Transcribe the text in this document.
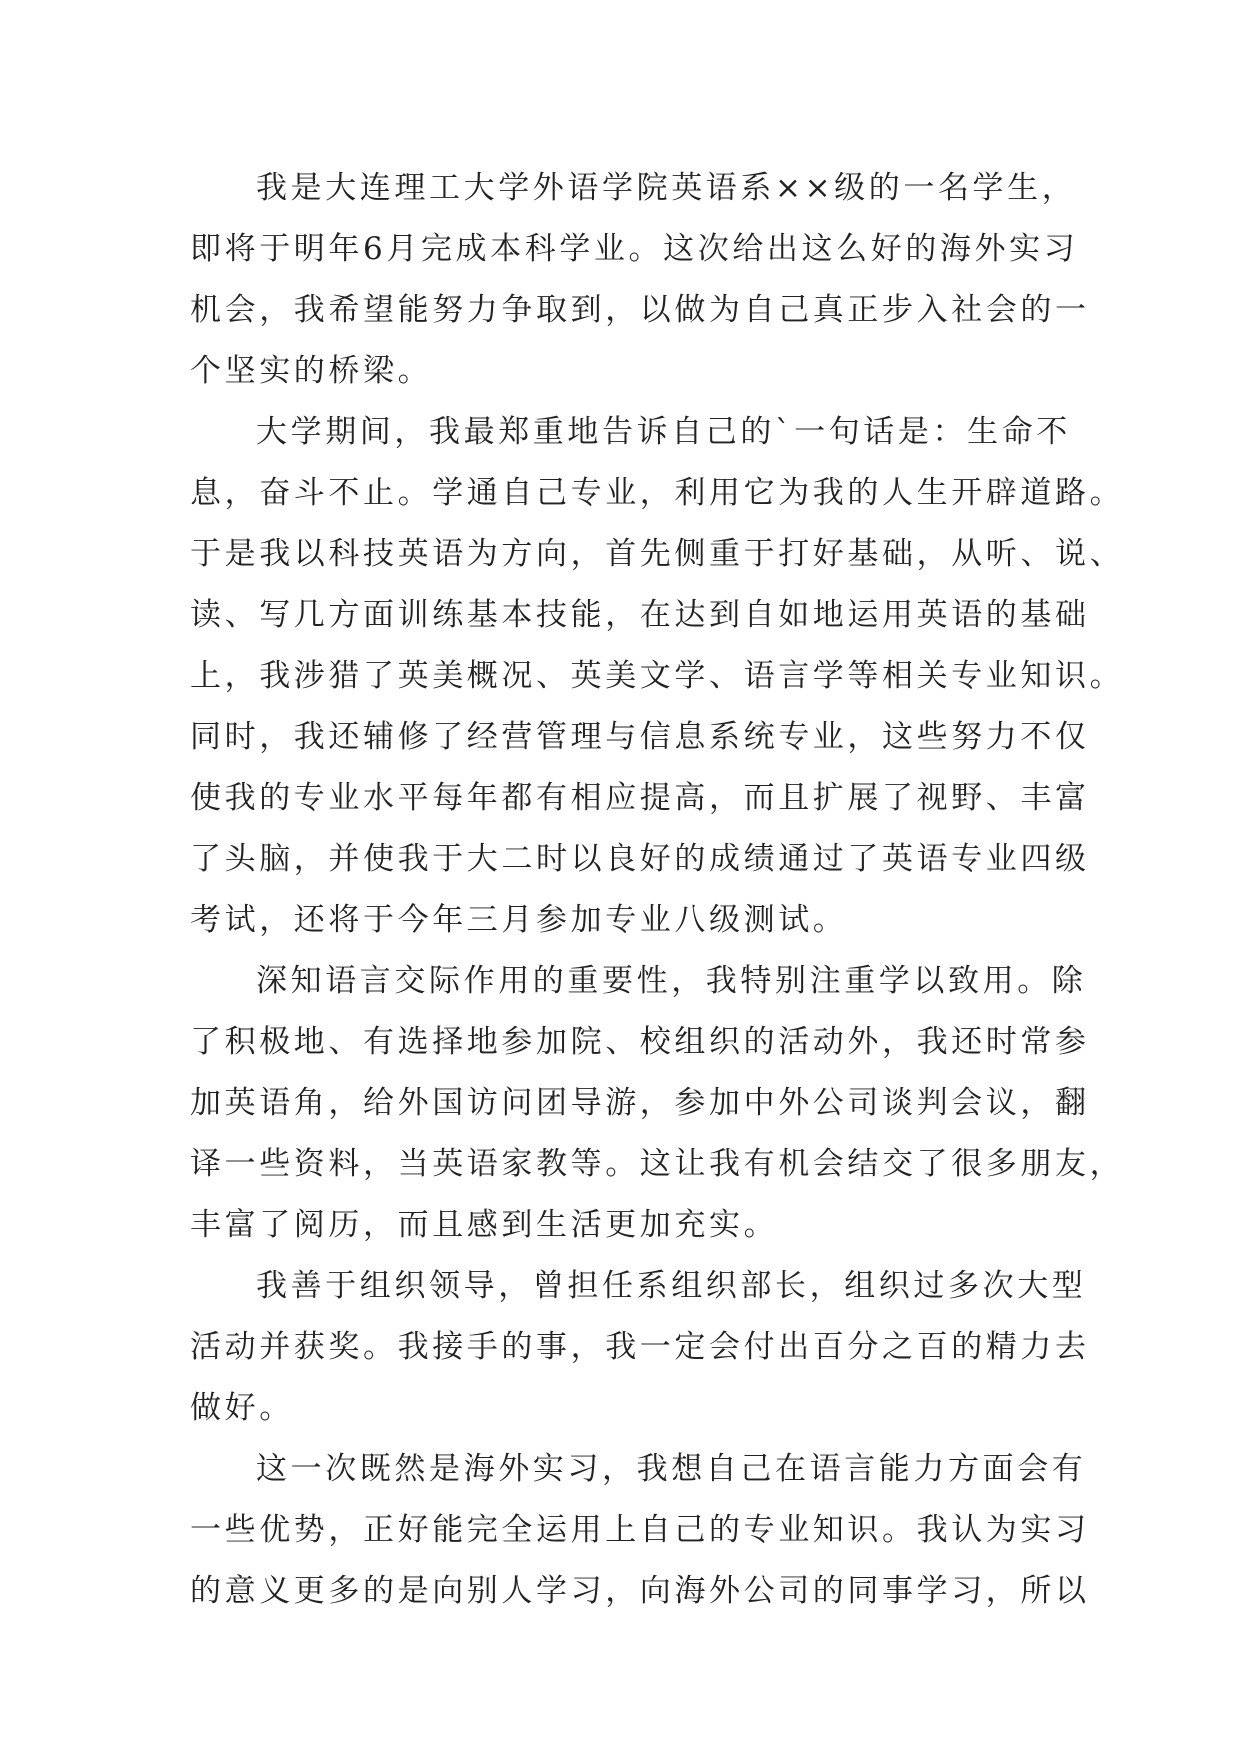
我是大连理工大学外语学院英语系××级的一名学生，
即将于明年6月完成本科学业。这次给出这么好的海外实习
机会，我希望能努力争取到，以做为自己真正步入社会的一
个坚实的桥梁。
大学期间，我最郑重地告诉自己的`一句话是：生命不
息，奋斗不止。学通自己专业，利用它为我的人生开辟道路。
于是我以科技英语为方向，首先侧重于打好基础，从听、说、
读、写几方面训练基本技能，在达到自如地运用英语的基础
上，我涉猎了英美概况、英美文学、语言学等相关专业知识。
同时，我还辅修了经营管理与信息系统专业，这些努力不仅
使我的专业水平每年都有相应提高，而且扩展了视野、丰富
了头脑，并使我于大二时以良好的成绩通过了英语专业四级
考试，还将于今年三月参加专业八级测试。
深知语言交际作用的重要性，我特别注重学以致用。除
了积极地、有选择地参加院、校组织的活动外，我还时常参
加英语角，给外国访问团导游，参加中外公司谈判会议，翻
译一些资料，当英语家教等。这让我有机会结交了很多朋友，
丰富了阅历，而且感到生活更加充实。
我善于组织领导，曾担任系组织部长，组织过多次大型
活动并获奖。我接手的事，我一定会付出百分之百的精力去
做好。
这一次既然是海外实习，我想自己在语言能力方面会有
一些优势，正好能完全运用上自己的专业知识。我认为实习
的意义更多的是向别人学习，向海外公司的同事学习，所以
